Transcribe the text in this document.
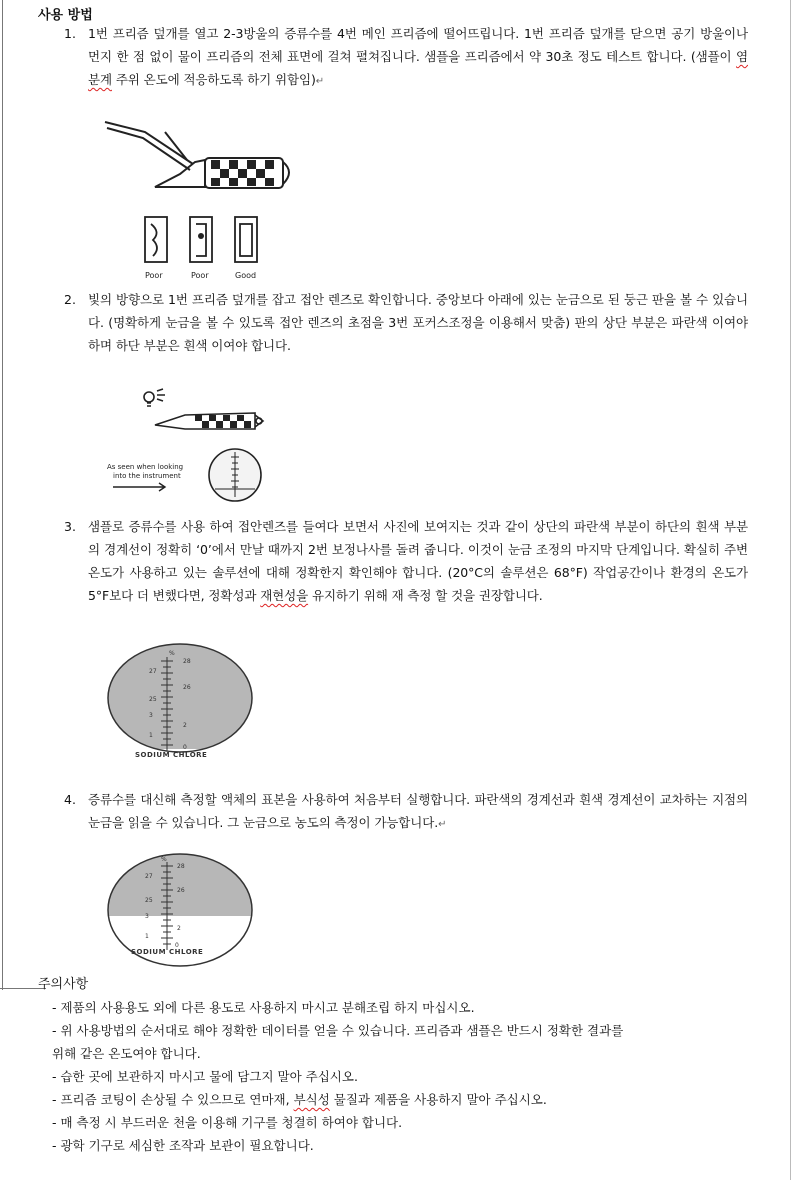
사용 방법
1. 1번 프리즘 덮개를 열고 2-3방울의 증류수를 4번 메인 프리즘에 떨어뜨립니다. 1번 프리즘 덮개를 닫으면 공기 방울이나 먼지 한 점 없이 물이 프리즘의 전체 표면에 걸쳐 펼쳐집니다. 샘플을 프리즘에서 약 30초 정도 테스트 합니다. (샘플이 염분계 주위 온도에 적응하도록 하기 위함임)↵
Poor	Poor	Good
2. 빛의 방향으로 1번 프리즘 덮개를 잡고 접안 렌즈로 확인합니다. 중앙보다 아래에 있는 눈금으로 된 둥근 판을 볼 수 있습니다. (명확하게 눈금을 볼 수 있도록 접안 렌즈의 초점을 3번 포커스조정을 이용해서 맞춤) 판의 상단 부분은 파란색 이여야 하며 하단 부분은 흰색 이여야 합니다.
As seen when looking
into the instrument
3. 샘플로 증류수를 사용 하여 접안렌즈를 들여다 보면서 사진에 보여지는 것과 같이 상단의 파란색 부분이 하단의 흰색 부분의 경계선이 정확히 ‘0’에서 만날 때까지 2번 보정나사를 돌려 줍니다. 이것이 눈금 조정의 마지막 단계입니다. 확실히 주변 온도가 사용하고 있는 솔루션에 대해 정확한지 확인해야 합니다. (20°C의 솔루션은 68°F) 작업공간이나 환경의 온도가 5°F보다 더 변했다면, 정확성과 재현성을 유지하기 위해 재 측정 할 것을 권장합니다.
%
28
26
2
0
27
25
3
1
SODIUM CHLORE
4. 증류수를 대신해 측정할 액체의 표본을 사용하여 처음부터 실행합니다. 파란색의 경계선과 흰색 경계선이 교차하는 지점의 눈금을 읽을 수 있습니다. 그 눈금으로 농도의 측정이 가능합니다.↵
%
28
26
2
0
27
25
3
1
SODIUM CHLORE
주의사항
- 제품의 사용용도 외에 다른 용도로 사용하지 마시고 분해조립 하지 마십시오.
- 위 사용방법의 순서대로 해야 정확한 데이터를 얻을 수 있습니다. 프리즘과 샘플은 반드시 정확한 결과를
위해 같은 온도여야 합니다.
- 습한 곳에 보관하지 마시고 물에 담그지 말아 주십시오.
- 프리즘 코팅이 손상될 수 있으므로 연마재, 부식성 물질과 제품을 사용하지 말아 주십시오.
- 매 측정 시 부드러운 천을 이용해 기구를 청결히 하여야 합니다.
- 광학 기구로 세심한 조작과 보관이 필요합니다.
